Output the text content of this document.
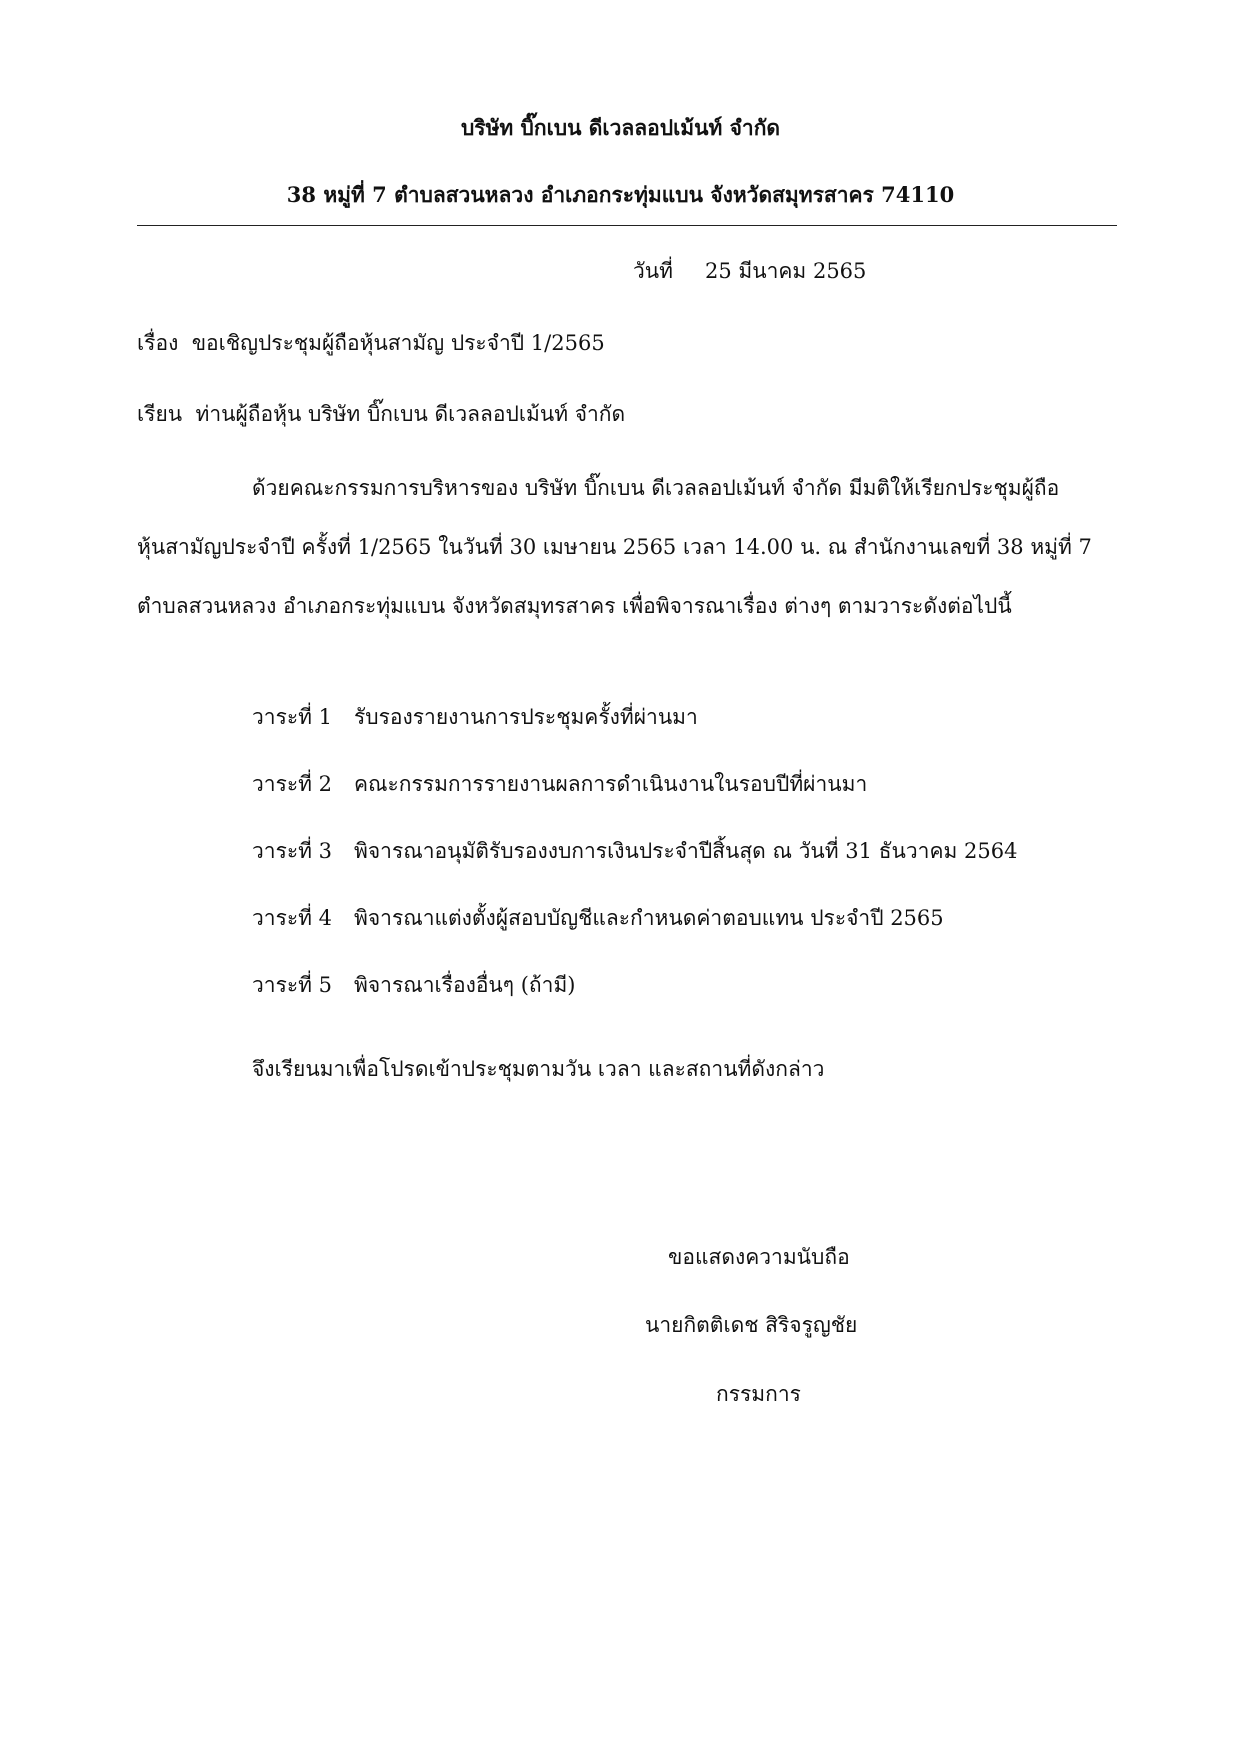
บริษัท บิ๊กเบน ดีเวลลอปเม้นท์ จำกัด
38 หมู่ที่ 7 ตำบลสวนหลวง อำเภอกระทุ่มแบน จังหวัดสมุทรสาคร 74110
วันที่ 25 มีนาคม 2565
เรื่อง ขอเชิญประชุมผู้ถือหุ้นสามัญ ประจำปี 1/2565
เรียน ท่านผู้ถือหุ้น บริษัท บิ๊กเบน ดีเวลลอปเม้นท์ จำกัด
ด้วยคณะกรรมการบริหารของ บริษัท บิ๊กเบน ดีเวลลอปเม้นท์ จำกัด มีมติให้เรียกประชุมผู้ถือ
หุ้นสามัญประจำปี ครั้งที่ 1/2565 ในวันที่ 30 เมษายน 2565 เวลา 14.00 น. ณ สำนักงานเลขที่ 38 หมู่ที่ 7
ตำบลสวนหลวง อำเภอกระทุ่มแบน จังหวัดสมุทรสาคร เพื่อพิจารณาเรื่อง ต่างๆ ตามวาระดังต่อไปนี้
วาระที่ 1 รับรองรายงานการประชุมครั้งที่ผ่านมา
วาระที่ 2 คณะกรรมการรายงานผลการดำเนินงานในรอบปีที่ผ่านมา
วาระที่ 3 พิจารณาอนุมัติรับรองงบการเงินประจำปีสิ้นสุด ณ วันที่ 31 ธันวาคม 2564
วาระที่ 4 พิจารณาแต่งตั้งผู้สอบบัญชีและกำหนดค่าตอบแทน ประจำปี 2565
วาระที่ 5 พิจารณาเรื่องอื่นๆ (ถ้ามี)
จึงเรียนมาเพื่อโปรดเข้าประชุมตามวัน เวลา และสถานที่ดังกล่าว
ขอแสดงความนับถือ
นายกิตติเดช สิริจรูญชัย
กรรมการ
